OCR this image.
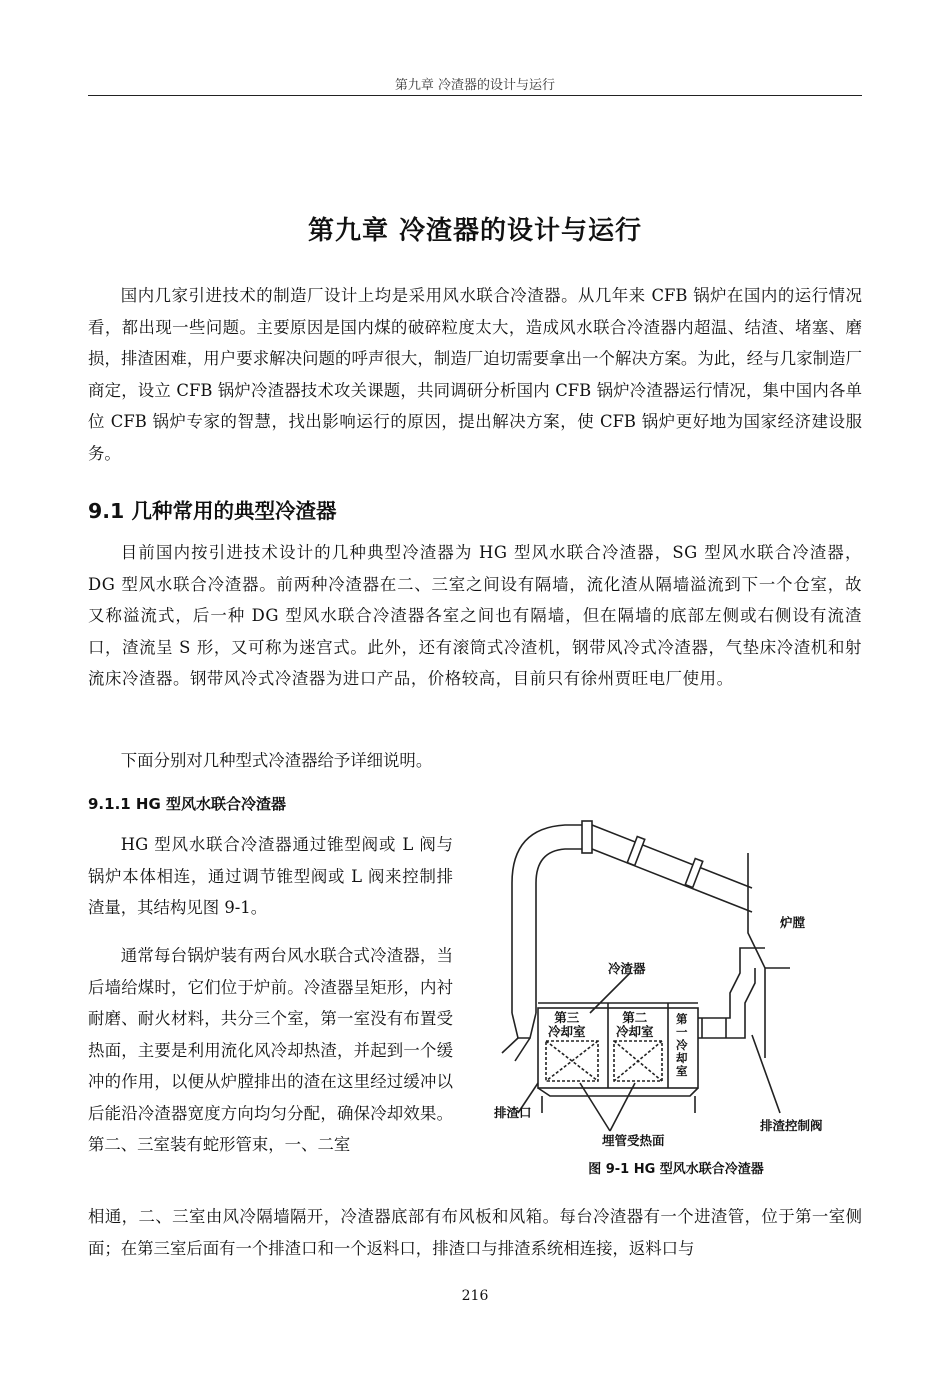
第九章 冷渣器的设计与运行
第九章 冷渣器的设计与运行

国内几家引进技术的制造厂设计上均是采用风水联合冷渣器。从几年来 CFB 锅炉在国内的运行情况看，都出现一些问题。主要原因是国内煤的破碎粒度太大，造成风水联合冷渣器内超温、结渣、堵塞、磨损，排渣困难，用户要求解决问题的呼声很大，制造厂迫切需要拿出一个解决方案。为此，经与几家制造厂商定，设立 CFB 锅炉冷渣器技术攻关课题，共同调研分析国内 CFB 锅炉冷渣器运行情况，集中国内各单位 CFB 锅炉专家的智慧，找出影响运行的原因，提出解决方案，使 CFB 锅炉更好地为国家经济建设服务。

9.1 几种常用的典型冷渣器

目前国内按引进技术设计的几种典型冷渣器为 HG 型风水联合冷渣器，SG 型风水联合冷渣器，DG 型风水联合冷渣器。前两种冷渣器在二、三室之间设有隔墙，流化渣从隔墙溢流到下一个仓室，故又称溢流式，后一种 DG 型风水联合冷渣器各室之间也有隔墙，但在隔墙的底部左侧或右侧设有流渣口，渣流呈 S 形，又可称为迷宫式。此外，还有滚筒式冷渣机，钢带风冷式冷渣器，气垫床冷渣机和射流床冷渣器。钢带风冷式冷渣器为进口产品，价格较高，目前只有徐州贾旺电厂使用。

下面分别对几种型式冷渣器给予详细说明。

9.1.1 HG 型风水联合冷渣器

HG 型风水联合冷渣器通过锥型阀或 L 阀与锅炉本体相连，通过调节锥型阀或 L 阀来控制排渣量，其结构见图 9-1。

通常每台锅炉装有两台风水联合式冷渣器，当后墙给煤时，它们位于炉前。冷渣器呈矩形，内衬耐磨、耐火材料，共分三个室，第一室没有布置受热面，主要是利用流化风冷却热渣，并起到一个缓冲的作用，以便从炉膛排出的渣在这里经过缓冲以后能沿冷渣器宽度方向均匀分配，确保冷却效果。第二、三室装有蛇形管束，一、二室

相通，二、三室由风冷隔墙隔开，冷渣器底部有布风板和风箱。每台冷渣器有一个进渣管，位于第一室侧面；在第三室后面有一个排渣口和一个返料口，排渣口与排渣系统相连接，返料口与

炉膛
冷渣器
第三
冷却室
第二
冷却室
第
一
冷
却
室
排渣口
埋管受热面
排渣控制阀
图 9-1 HG 型风水联合冷渣器
216
